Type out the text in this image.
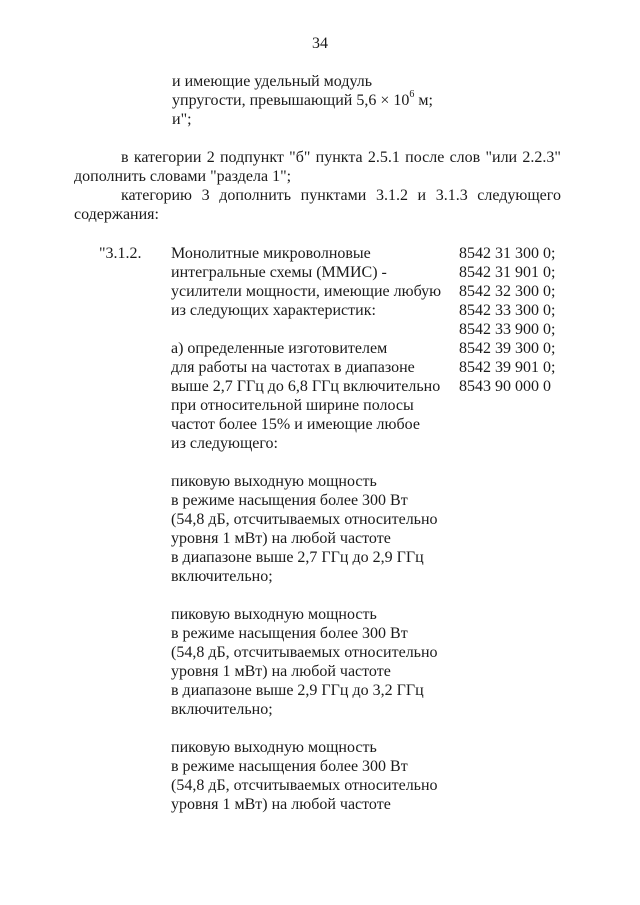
34
и имеющие удельный модуль
упругости, превышающий $5,6 \times 10^6$ м;
и";
в категории 2 подпункт "б" пункта 2.5.1 после слов "или 2.2.3"
дополнить словами "раздела 1";
категорию 3 дополнить пунктами 3.1.2 и 3.1.3 следующего
содержания:
"3.1.2. Монолитные микроволновые
интегральные схемы (ММИС) -
усилители мощности, имеющие любую
из следующих характеристик:
а) определенные изготовителем
для работы на частотах в диапазоне
выше 2,7 ГГц до 6,8 ГГц включительно
при относительной ширине полосы
частот более 15% и имеющие любое
из следующего:
пиковую выходную мощность
в режиме насыщения более 300 Вт
(54,8 дБ, отсчитываемых относительно
уровня 1 мВт) на любой частоте
в диапазоне выше 2,7 ГГц до 2,9 ГГц
включительно;
пиковую выходную мощность
в режиме насыщения более 300 Вт
(54,8 дБ, отсчитываемых относительно
уровня 1 мВт) на любой частоте
в диапазоне выше 2,9 ГГц до 3,2 ГГц
включительно;
пиковую выходную мощность
в режиме насыщения более 300 Вт
(54,8 дБ, отсчитываемых относительно
уровня 1 мВт) на любой частоте
8542 31 300 0;
8542 31 901 0;
8542 32 300 0;
8542 33 300 0;
8542 33 900 0;
8542 39 300 0;
8542 39 901 0;
8543 90 000 0
